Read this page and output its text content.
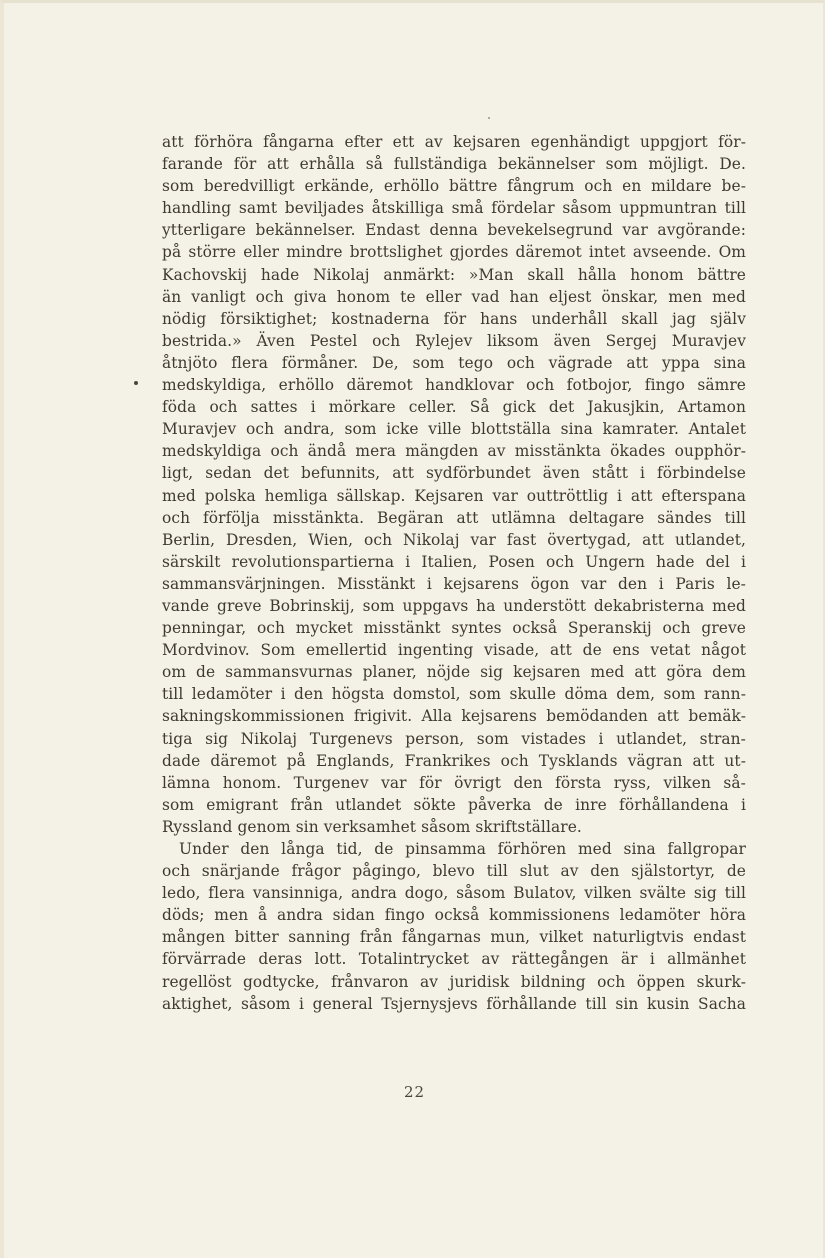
att förhöra fångarna efter ett av kejsaren egenhändigt uppgjort för-
farande för att erhålla så fullständiga bekännelser som möjligt. De.
som beredvilligt erkände, erhöllo bättre fångrum och en mildare be-
handling samt beviljades åtskilliga små fördelar såsom uppmuntran till
ytterligare bekännelser. Endast denna bevekelsegrund var avgörande:
på större eller mindre brottslighet gjordes däremot intet avseende. Om
Kachovskij hade Nikolaj anmärkt: »Man skall hålla honom bättre
än vanligt och giva honom te eller vad han eljest önskar, men med
nödig försiktighet; kostnaderna för hans underhåll skall jag själv
bestrida.» Även Pestel och Rylejev liksom även Sergej Muravjev
åtnjöto flera förmåner. De, som tego och vägrade att yppa sina
medskyldiga, erhöllo däremot handklovar och fotbojor, fingo sämre
föda och sattes i mörkare celler. Så gick det Jakusjkin, Artamon
Muravjev och andra, som icke ville blottställa sina kamrater. Antalet
medskyldiga och ändå mera mängden av misstänkta ökades oupphör-
ligt, sedan det befunnits, att sydförbundet även stått i förbindelse
med polska hemliga sällskap. Kejsaren var outtröttlig i att efterspana
och förfölja misstänkta. Begäran att utlämna deltagare sändes till
Berlin, Dresden, Wien, och Nikolaj var fast övertygad, att utlandet,
särskilt revolutionspartierna i Italien, Posen och Ungern hade del i
sammansvärjningen. Misstänkt i kejsarens ögon var den i Paris le-
vande greve Bobrinskij, som uppgavs ha understött dekabristerna med
penningar, och mycket misstänkt syntes också Speranskij och greve
Mordvinov. Som emellertid ingenting visade, att de ens vetat något
om de sammansvurnas planer, nöjde sig kejsaren med att göra dem
till ledamöter i den högsta domstol, som skulle döma dem, som rann-
sakningskommissionen frigivit. Alla kejsarens bemödanden att bemäk-
tiga sig Nikolaj Turgenevs person, som vistades i utlandet, stran-
dade däremot på Englands, Frankrikes och Tysklands vägran att ut-
lämna honom. Turgenev var för övrigt den första ryss, vilken så-
som emigrant från utlandet sökte påverka de inre förhållandena i
Ryssland genom sin verksamhet såsom skriftställare.
Under den långa tid, de pinsamma förhören med sina fallgropar
och snärjande frågor pågingo, blevo till slut av den själstortyr, de
ledo, flera vansinniga, andra dogo, såsom Bulatov, vilken svälte sig till
döds; men å andra sidan fingo också kommissionens ledamöter höra
mången bitter sanning från fångarnas mun, vilket naturligtvis endast
förvärrade deras lott. Totalintrycket av rättegången är i allmänhet
regellöst godtycke, frånvaron av juridisk bildning och öppen skurk-
aktighet, såsom i general Tsjernysjevs förhållande till sin kusin Sacha
22
